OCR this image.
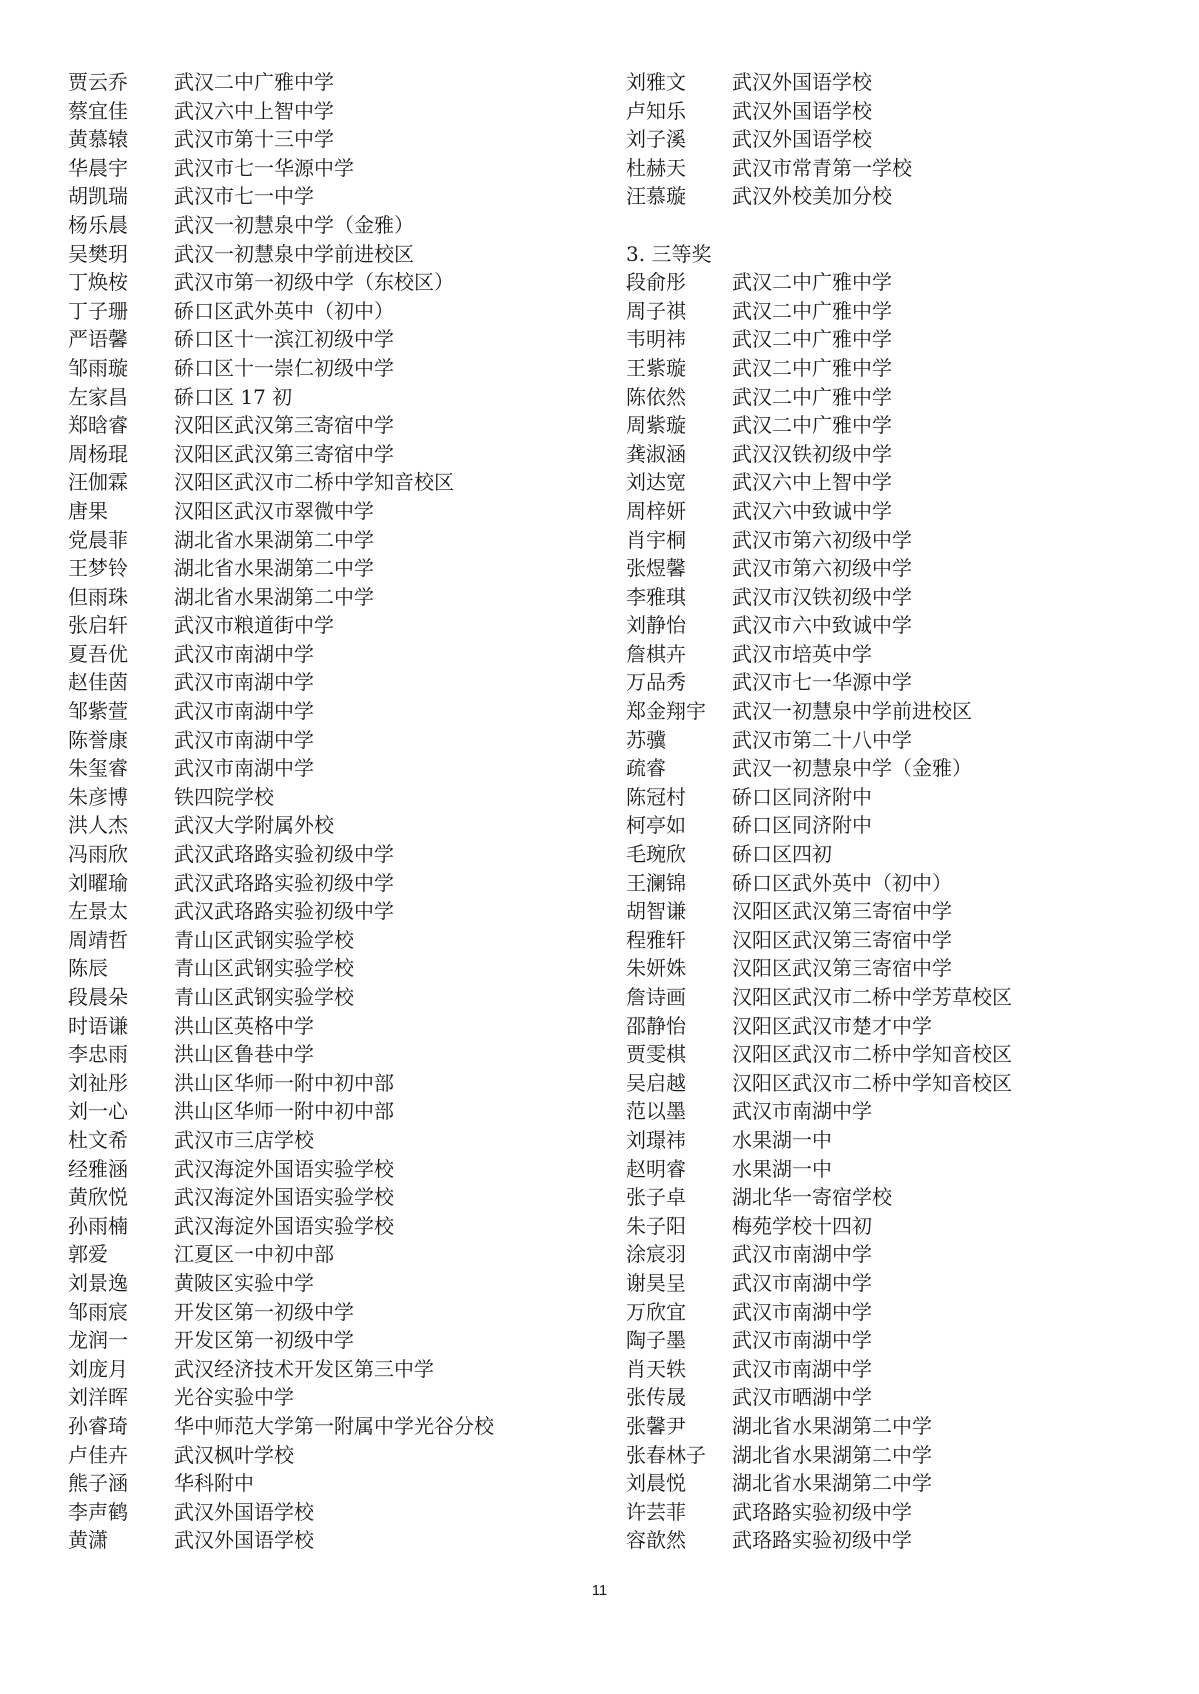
贾云乔	武汉二中广雅中学
蔡宜佳	武汉六中上智中学
黄慕辕	武汉市第十三中学
华晨宇	武汉市七一华源中学
胡凯瑞	武汉市七一中学
杨乐晨	武汉一初慧泉中学（金雅）
吴樊玥	武汉一初慧泉中学前进校区
丁焕桉	武汉市第一初级中学（东校区）
丁子珊	硚口区武外英中（初中）
严语馨	硚口区十一滨江初级中学
邹雨璇	硚口区十一崇仁初级中学
左家昌	硚口区 17 初
郑晗睿	汉阳区武汉第三寄宿中学
周杨琨	汉阳区武汉第三寄宿中学
汪伽霖	汉阳区武汉市二桥中学知音校区
唐果	汉阳区武汉市翠微中学
党晨菲	湖北省水果湖第二中学
王梦铃	湖北省水果湖第二中学
但雨珠	湖北省水果湖第二中学
张启轩	武汉市粮道街中学
夏吾优	武汉市南湖中学
赵佳茵	武汉市南湖中学
邹紫萱	武汉市南湖中学
陈誉康	武汉市南湖中学
朱玺睿	武汉市南湖中学
朱彦博	铁四院学校
洪人杰	武汉大学附属外校
冯雨欣	武汉武珞路实验初级中学
刘曜瑜	武汉武珞路实验初级中学
左景太	武汉武珞路实验初级中学
周靖哲	青山区武钢实验学校
陈辰	青山区武钢实验学校
段晨朵	青山区武钢实验学校
时语谦	洪山区英格中学
李忠雨	洪山区鲁巷中学
刘祉彤	洪山区华师一附中初中部
刘一心	洪山区华师一附中初中部
杜文希	武汉市三店学校
经雅涵	武汉海淀外国语实验学校
黄欣悦	武汉海淀外国语实验学校
孙雨楠	武汉海淀外国语实验学校
郭爱	江夏区一中初中部
刘景逸	黄陂区实验中学
邹雨宸	开发区第一初级中学
龙润一	开发区第一初级中学
刘庞月	武汉经济技术开发区第三中学
刘洋晖	光谷实验中学
孙睿琦	华中师范大学第一附属中学光谷分校
卢佳卉	武汉枫叶学校
熊子涵	华科附中
李声鹤	武汉外国语学校
黄潇	武汉外国语学校
刘雅文	武汉外国语学校
卢知乐	武汉外国语学校
刘子溪	武汉外国语学校
杜赫天	武汉市常青第一学校
汪慕璇	武汉外校美加分校
3. 三等奖
段俞彤	武汉二中广雅中学
周子祺	武汉二中广雅中学
韦明祎	武汉二中广雅中学
王紫璇	武汉二中广雅中学
陈依然	武汉二中广雅中学
周紫璇	武汉二中广雅中学
龚淑涵	武汉汉铁初级中学
刘达宽	武汉六中上智中学
周梓妍	武汉六中致诚中学
肖宇桐	武汉市第六初级中学
张煜馨	武汉市第六初级中学
李雅琪	武汉市汉铁初级中学
刘静怡	武汉市六中致诚中学
詹棋卉	武汉市培英中学
万品秀	武汉市七一华源中学
郑金翔宇	武汉一初慧泉中学前进校区
苏骥	武汉市第二十八中学
疏睿	武汉一初慧泉中学（金雅）
陈冠村	硚口区同济附中
柯亭如	硚口区同济附中
毛琬欣	硚口区四初
王澜锦	硚口区武外英中（初中）
胡智谦	汉阳区武汉第三寄宿中学
程雅轩	汉阳区武汉第三寄宿中学
朱妍姝	汉阳区武汉第三寄宿中学
詹诗画	汉阳区武汉市二桥中学芳草校区
邵静怡	汉阳区武汉市楚才中学
贾雯棋	汉阳区武汉市二桥中学知音校区
吴启越	汉阳区武汉市二桥中学知音校区
范以墨	武汉市南湖中学
刘璟祎	水果湖一中
赵明睿	水果湖一中
张子卓	湖北华一寄宿学校
朱子阳	梅苑学校十四初
涂宸羽	武汉市南湖中学
谢昊呈	武汉市南湖中学
万欣宜	武汉市南湖中学
陶子墨	武汉市南湖中学
肖天轶	武汉市南湖中学
张传晟	武汉市晒湖中学
张馨尹	湖北省水果湖第二中学
张春林子	湖北省水果湖第二中学
刘晨悦	湖北省水果湖第二中学
许芸菲	武珞路实验初级中学
容歆然	武珞路实验初级中学
11
